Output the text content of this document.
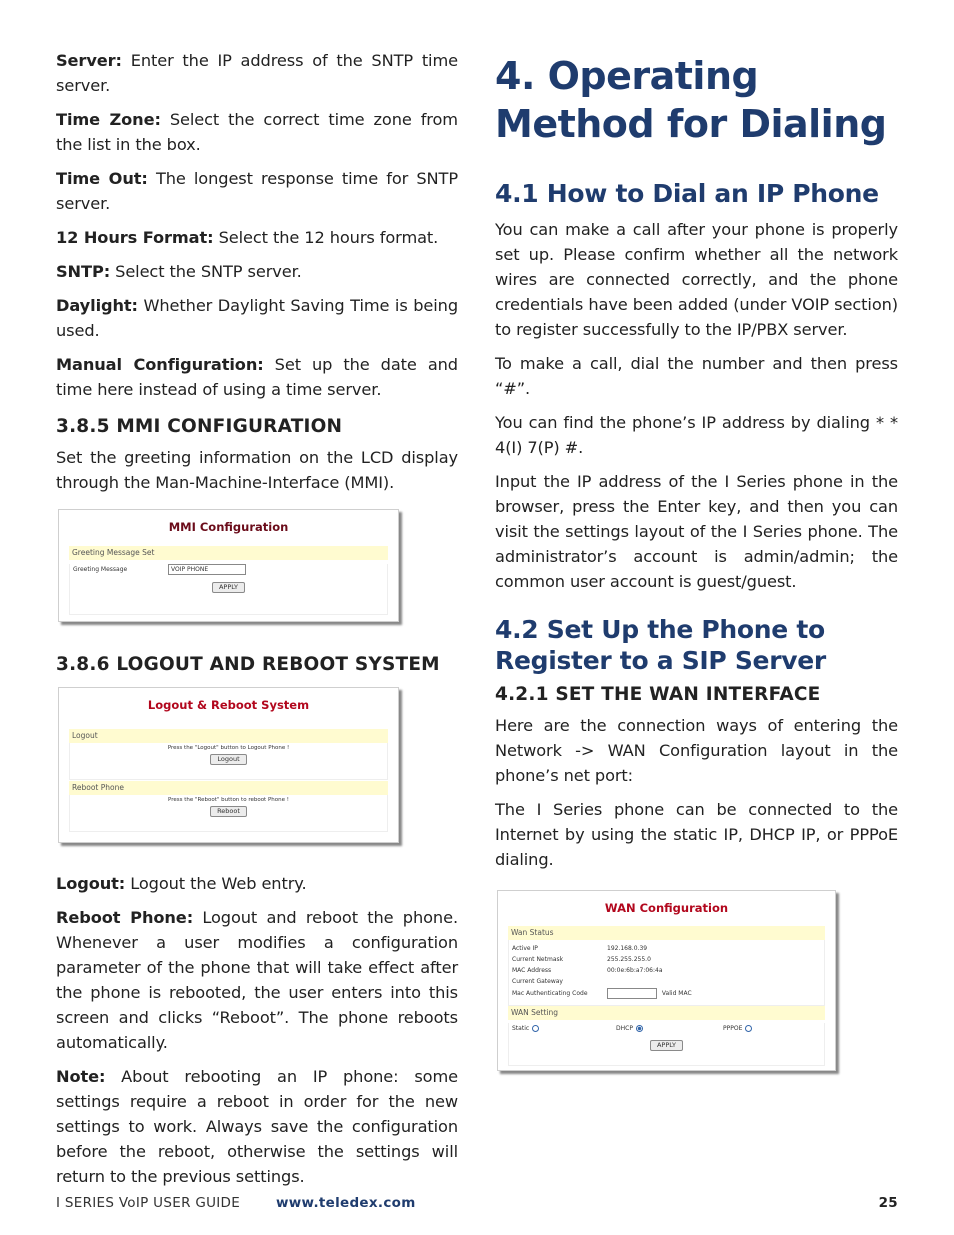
Server: Enter the IP address of the SNTP time server.

Time Zone: Select the correct time zone from the list in the box.

Time Out: The longest response time for SNTP server.

12 Hours Format: Select the 12 hours format.

SNTP: Select the SNTP server.

Daylight: Whether Daylight Saving Time is being used.

Manual Configuration: Set up the date and time here instead of using a time server.

3.8.5 MMI CONFIGURATION

Set the greeting information on the LCD display through the Man-Machine-Interface (MMI).

MMI Configuration
Greeting Message Set
Greeting Message	VOIP PHONE
APPLY
3.8.6 LOGOUT AND REBOOT SYSTEM
Logout & Reboot System
Logout
Press the "Logout" button to Logout Phone !
Logout
Reboot Phone
Press the "Reboot" button to reboot Phone !
Reboot

Logout: Logout the Web entry.

Reboot Phone: Logout and reboot the phone. Whenever a user modifies a configuration parameter of the phone that will take effect after the phone is rebooted, the user enters into this screen and clicks “Reboot”. The phone reboots automatically.

Note: About rebooting an IP phone: some settings require a reboot in order for the new settings to work. Always save the configuration before the reboot, otherwise the settings will return to the previous settings.

4. Operating Method for Dialing
4.1 How to Dial an IP Phone

You can make a call after your phone is properly set up. Please confirm whether all the network wires are connected correctly, and the phone credentials have been added (under VOIP section) to register successfully to the IP/PBX server.

To make a call, dial the number and then press “#”.

You can find the phone’s IP address by dialing * * 4(I) 7(P) #.

Input the IP address of the I Series phone in the browser, press the Enter key, and then you can visit the settings layout of the I Series phone. The administrator’s account is admin/admin; the common user account is guest/guest.

4.2 Set Up the Phone to Register to a SIP Server
4.2.1 SET THE WAN INTERFACE

Here are the connection ways of entering the Network -> WAN Configuration layout in the phone’s net port:

The I Series phone can be connected to the Internet by using the static IP, DHCP IP, or PPPoE dialing.

WAN Configuration
Wan Status
Active IP	192.168.0.39
Current Netmask	255.255.255.0
MAC Address	00:0e:6b:a7:06:4a
Current Gateway
Mac Authenticating Code	Valid MAC
WAN Setting
Static	DHCP	PPPOE
APPLY
I SERIES VoIP USER GUIDE	www.teledex.com	25
